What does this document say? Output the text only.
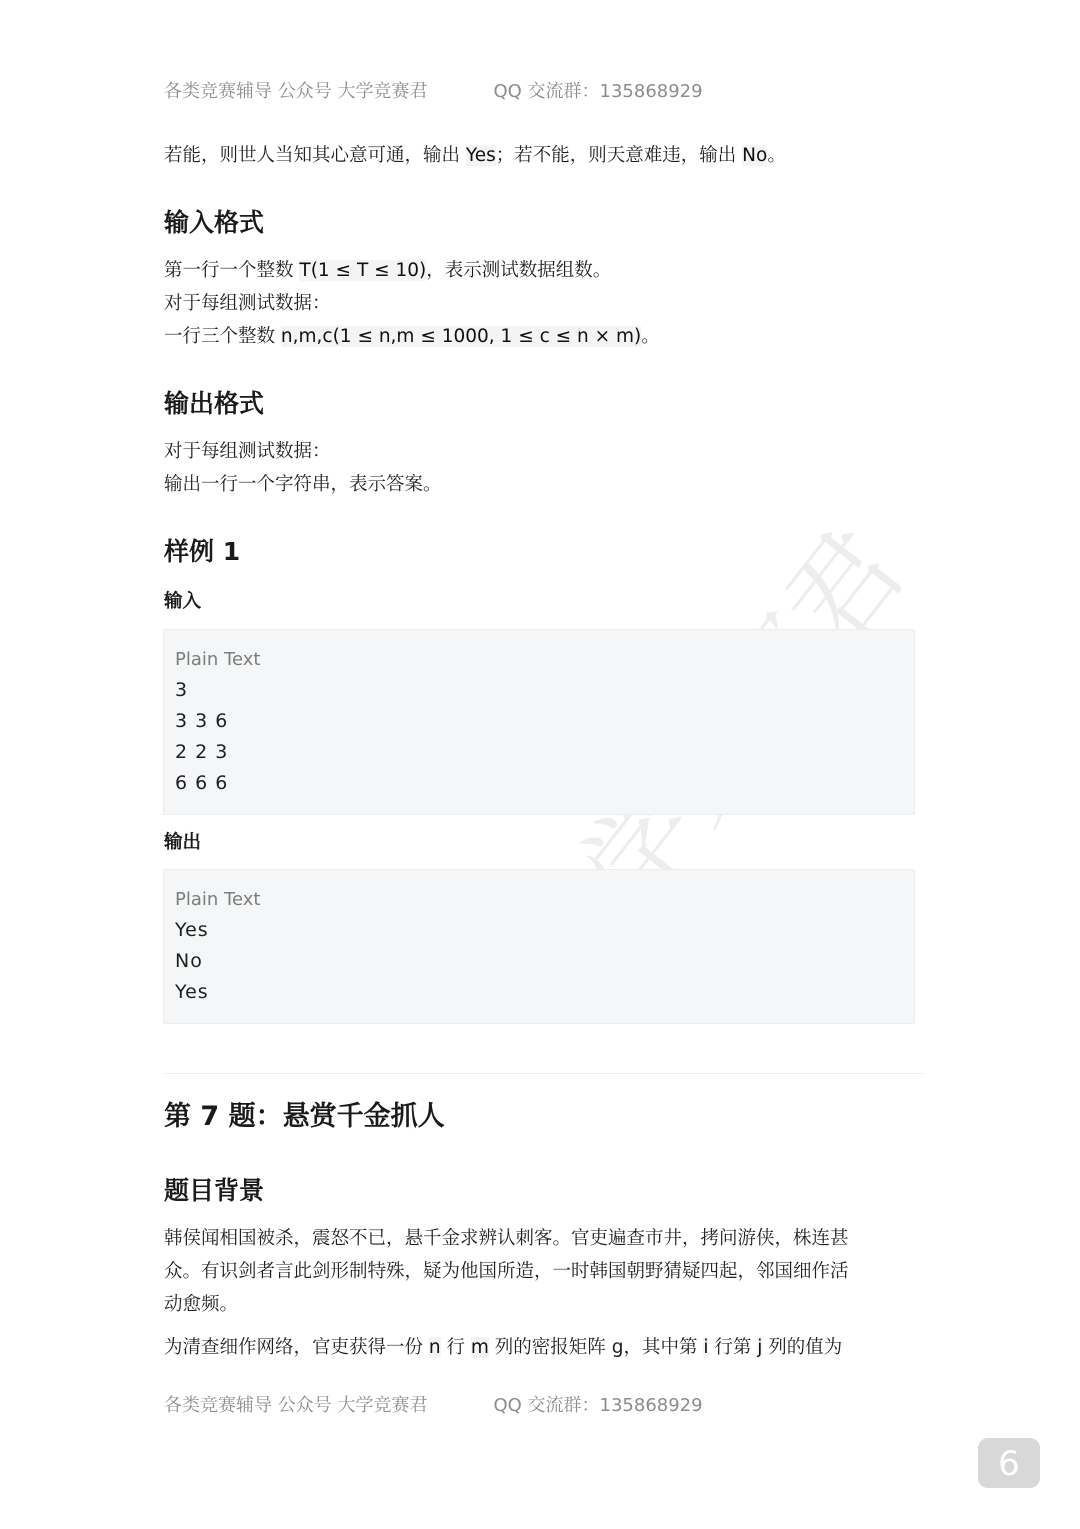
各类竞赛辅导 公众号 大学竞赛君	QQ 交流群：135868929
若能，则世人当知其心意可通，输出 Yes；若不能，则天意难违，输出 No。
输入格式
第一行一个整数 T(1 ≤ T ≤ 10)，表示测试数据组数。
对于每组测试数据：
一行三个整数 n,m,c(1 ≤ n,m ≤ 1000, 1 ≤ c ≤ n × m)。
输出格式
对于每组测试数据：
输出一行一个字符串，表示答案。
样例 1
输入
Plain Text
3
3 3 6
2 2 3
6 6 6
输出
Plain Text
Yes
No
Yes
第 7 题：悬赏千金抓人
题目背景
韩侯闻相国被杀，震怒不已，悬千金求辨认刺客。官吏遍查市井，拷问游侠，株连甚
众。有识剑者言此剑形制特殊，疑为他国所造，一时韩国朝野猜疑四起，邻国细作活
动愈频。
为清查细作网络，官吏获得一份 n 行 m 列的密报矩阵 g，其中第 i 行第 j 列的值为
各类竞赛辅导 公众号 大学竞赛君	QQ 交流群：135868929
6
